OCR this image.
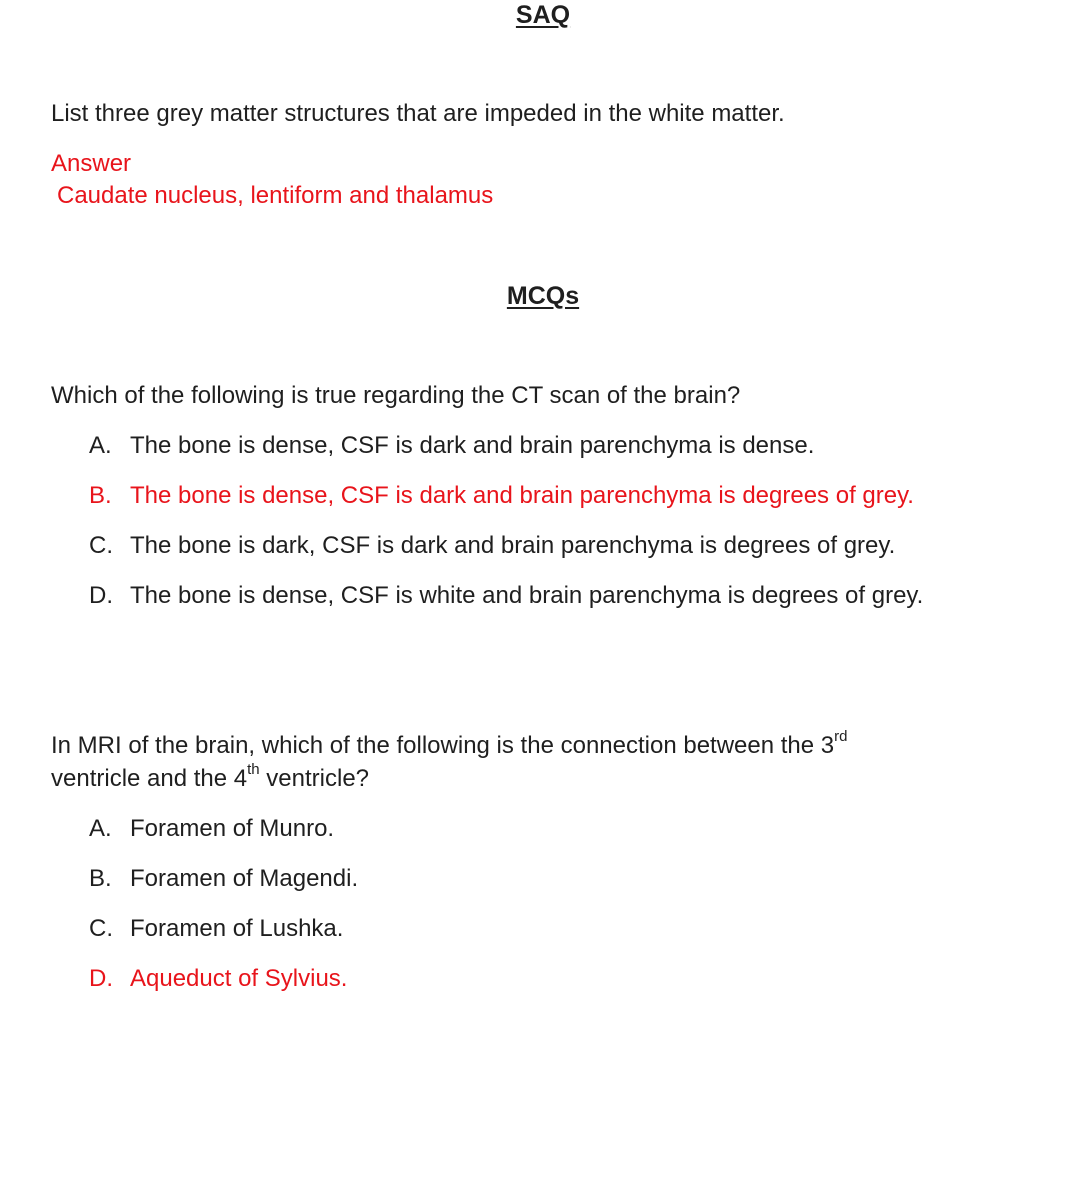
SAQ

List three grey matter structures that are impeded in the white matter.

Answer

Caudate nucleus, lentiform and thalamus

MCQs

Which of the following is true regarding the CT scan of the brain?

A. The bone is dense, CSF is dark and brain parenchyma is dense.
B. The bone is dense, CSF is dark and brain parenchyma is degrees of grey.
C. The bone is dark, CSF is dark and brain parenchyma is degrees of grey.
D. The bone is dense, CSF is white and brain parenchyma is degrees of grey.

In MRI of the brain, which of the following is the connection between the 3rd

ventricle and the 4th ventricle?

A. Foramen of Munro.
B. Foramen of Magendi.
C. Foramen of Lushka.
D. Aqueduct of Sylvius.
